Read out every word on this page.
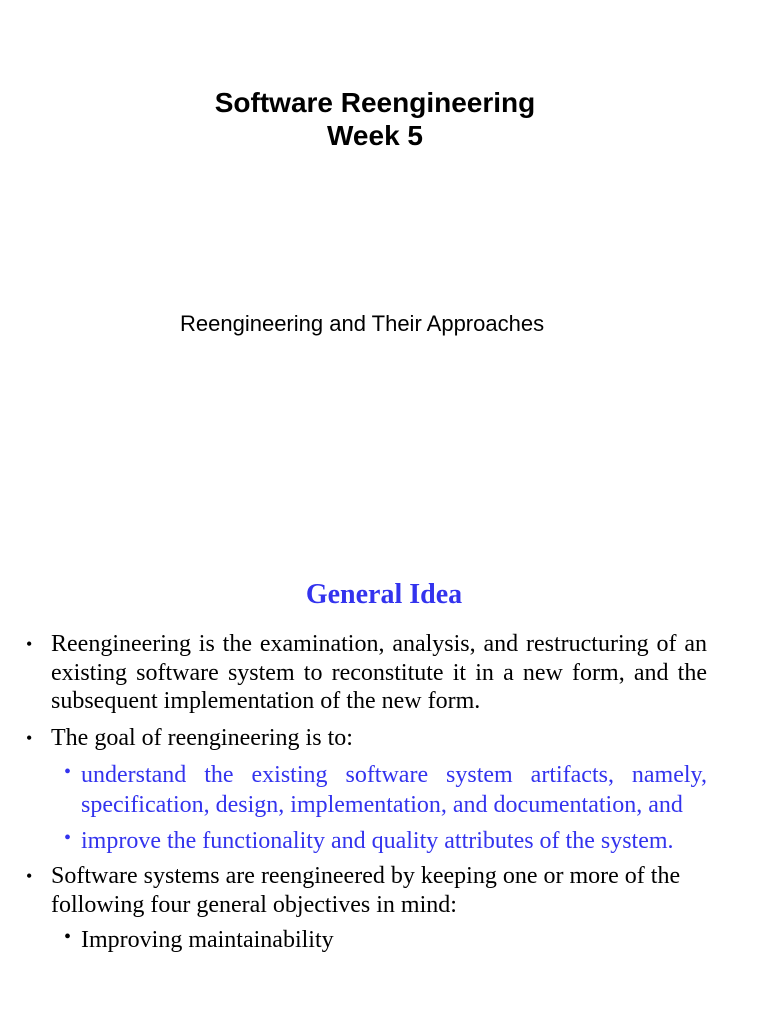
Software Reengineering
Week 5
Reengineering and Their Approaches
General Idea
• Reengineering is the examination, analysis, and restructuring of an existing software system to reconstitute it in a new form, and the subsequent implementation of the new form.
• The goal of reengineering is to:
• understand the existing software system artifacts, namely, specification, design, implementation, and documentation, and
• improve the functionality and quality attributes of the system.
• Software systems are reengineered by keeping one or more of the
following four general objectives in mind:
• Improving maintainability
